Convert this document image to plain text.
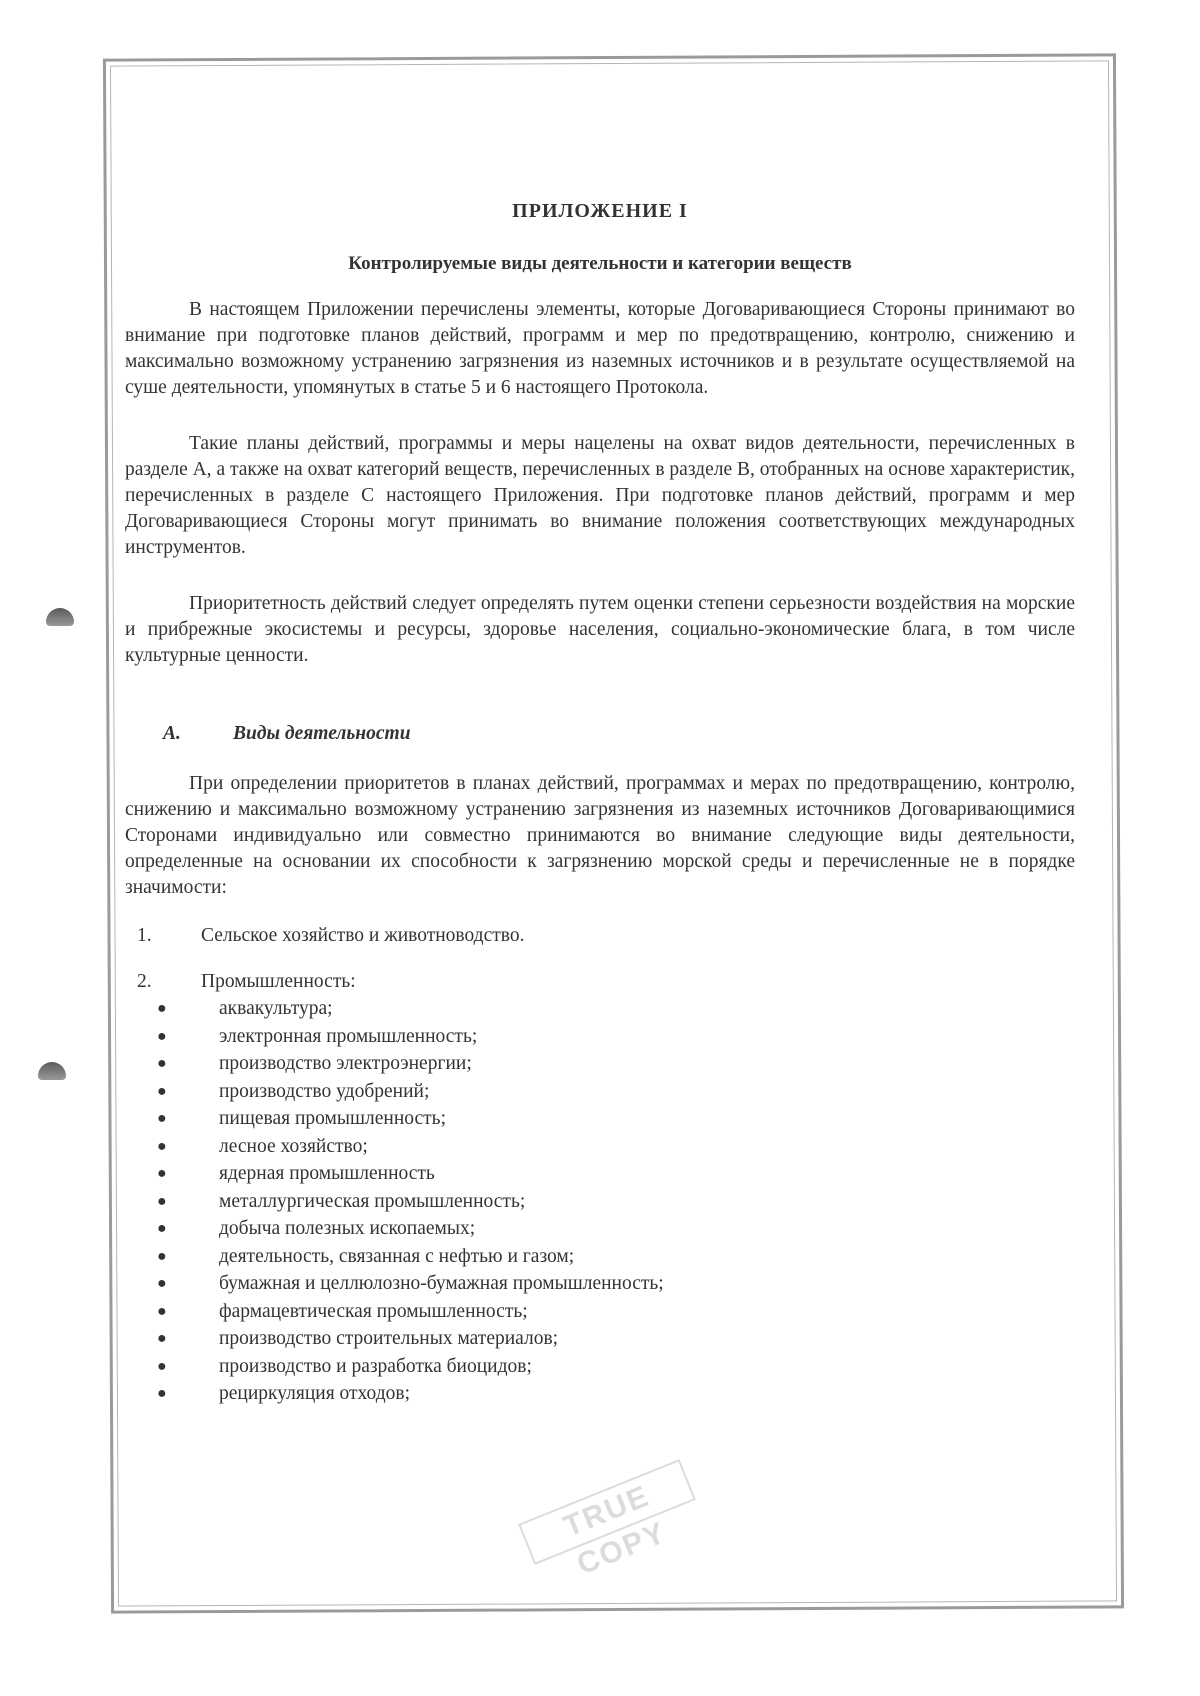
ПРИЛОЖЕНИЕ I
Контролируемые виды деятельности и категории веществ

В настоящем Приложении перечислены элементы, которые Договаривающиеся Стороны принимают во внимание при подготовке планов действий, программ и мер по предотвращению, контролю, снижению и максимально возможному устранению загрязнения из наземных источников и в результате осуществляемой на суше деятельности, упомянутых в статье 5 и 6 настоящего Протокола.

Такие планы действий, программы и меры нацелены на охват видов деятельности, перечисленных в разделе А, а также на охват категорий веществ, перечисленных в разделе В, отобранных на основе характеристик, перечисленных в разделе С настоящего Приложения. При подготовке планов действий, программ и мер Договаривающиеся Стороны могут принимать во внимание положения соответствующих международных инструментов.

Приоритетность действий следует определять путем оценки степени серьезности воздействия на морские и прибрежные экосистемы и ресурсы, здоровье населения, социально-экономические блага, в том числе культурные ценности.

А.	Виды деятельности

При определении приоритетов в планах действий, программах и мерах по предотвращению, контролю, снижению и максимально возможному устранению загрязнения из наземных источников Договаривающимися Сторонами индивидуально или совместно принимаются во внимание следующие виды деятельности, определенные на основании их способности к загрязнению морской среды и перечисленные не в порядке значимости:

1.	Сельское хозяйство и животноводство.
2.	Промышленность:
●	аквакультура;
●	электронная промышленность;
●	производство электроэнергии;
●	производство удобрений;
●	пищевая промышленность;
●	лесное хозяйство;
●	ядерная промышленность
●	металлургическая промышленность;
●	добыча полезных ископаемых;
●	деятельность, связанная с нефтью и газом;
●	бумажная и целлюлозно-бумажная промышленность;
●	фармацевтическая промышленность;
●	производство строительных материалов;
●	производство и разработка биоцидов;
●	рециркуляция отходов;
TRUE COPY
